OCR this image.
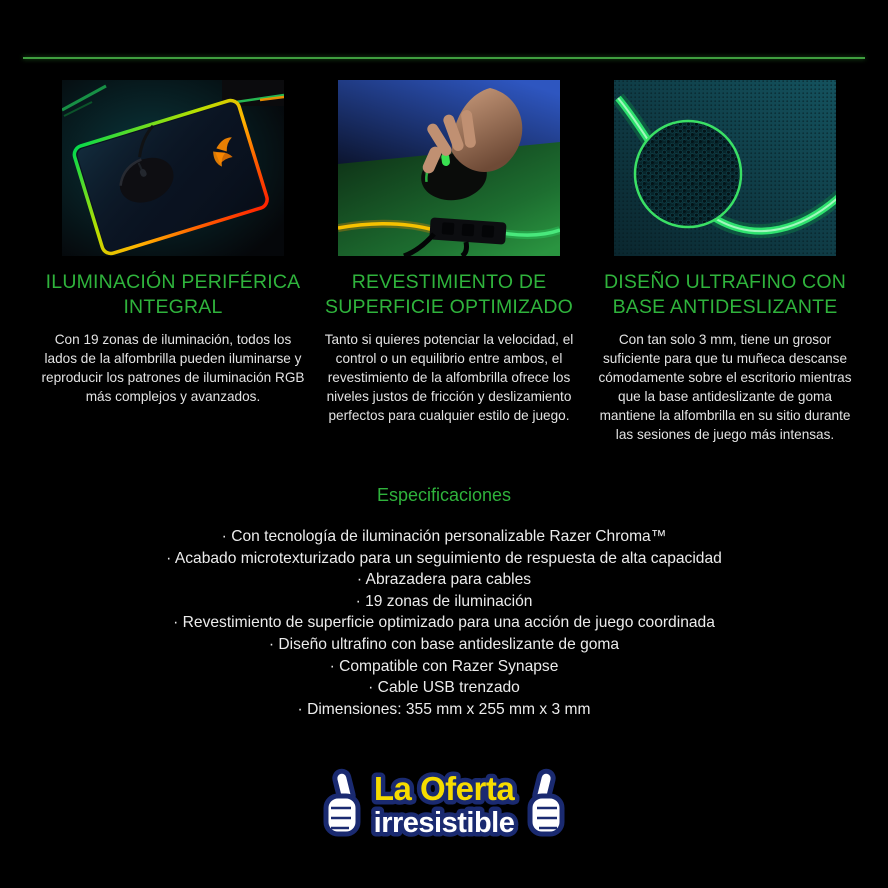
ILUMINACIÓN PERIFÉRICA INTEGRAL

Con 19 zonas de iluminación, todos los lados de la alfombrilla pueden iluminarse y reproducir los patrones de iluminación RGB más complejos y avanzados.

REVESTIMIENTO DE SUPERFICIE OPTIMIZADO

Tanto si quieres potenciar la velocidad, el control o un equilibrio entre ambos, el revestimiento de la alfombrilla ofrece los niveles justos de fricción y deslizamiento perfectos para cualquier estilo de juego.

DISEÑO ULTRAFINO CON BASE ANTIDESLIZANTE

Con tan solo 3 mm, tiene un grosor suficiente para que tu muñeca descanse cómodamente sobre el escritorio mientras que la base antideslizante de goma mantiene la alfombrilla en su sitio durante las sesiones de juego más intensas.

Especificaciones
· Con tecnología de iluminación personalizable Razer Chroma™
· Acabado microtexturizado para un seguimiento de respuesta de alta capacidad
· Abrazadera para cables
· 19 zonas de iluminación
· Revestimiento de superficie optimizado para una acción de juego coordinada
· Diseño ultrafino con base antideslizante de goma
· Compatible con Razer Synapse
· Cable USB trenzado
· Dimensiones: 355 mm x 255 mm x 3 mm
La Oferta
irresistible
